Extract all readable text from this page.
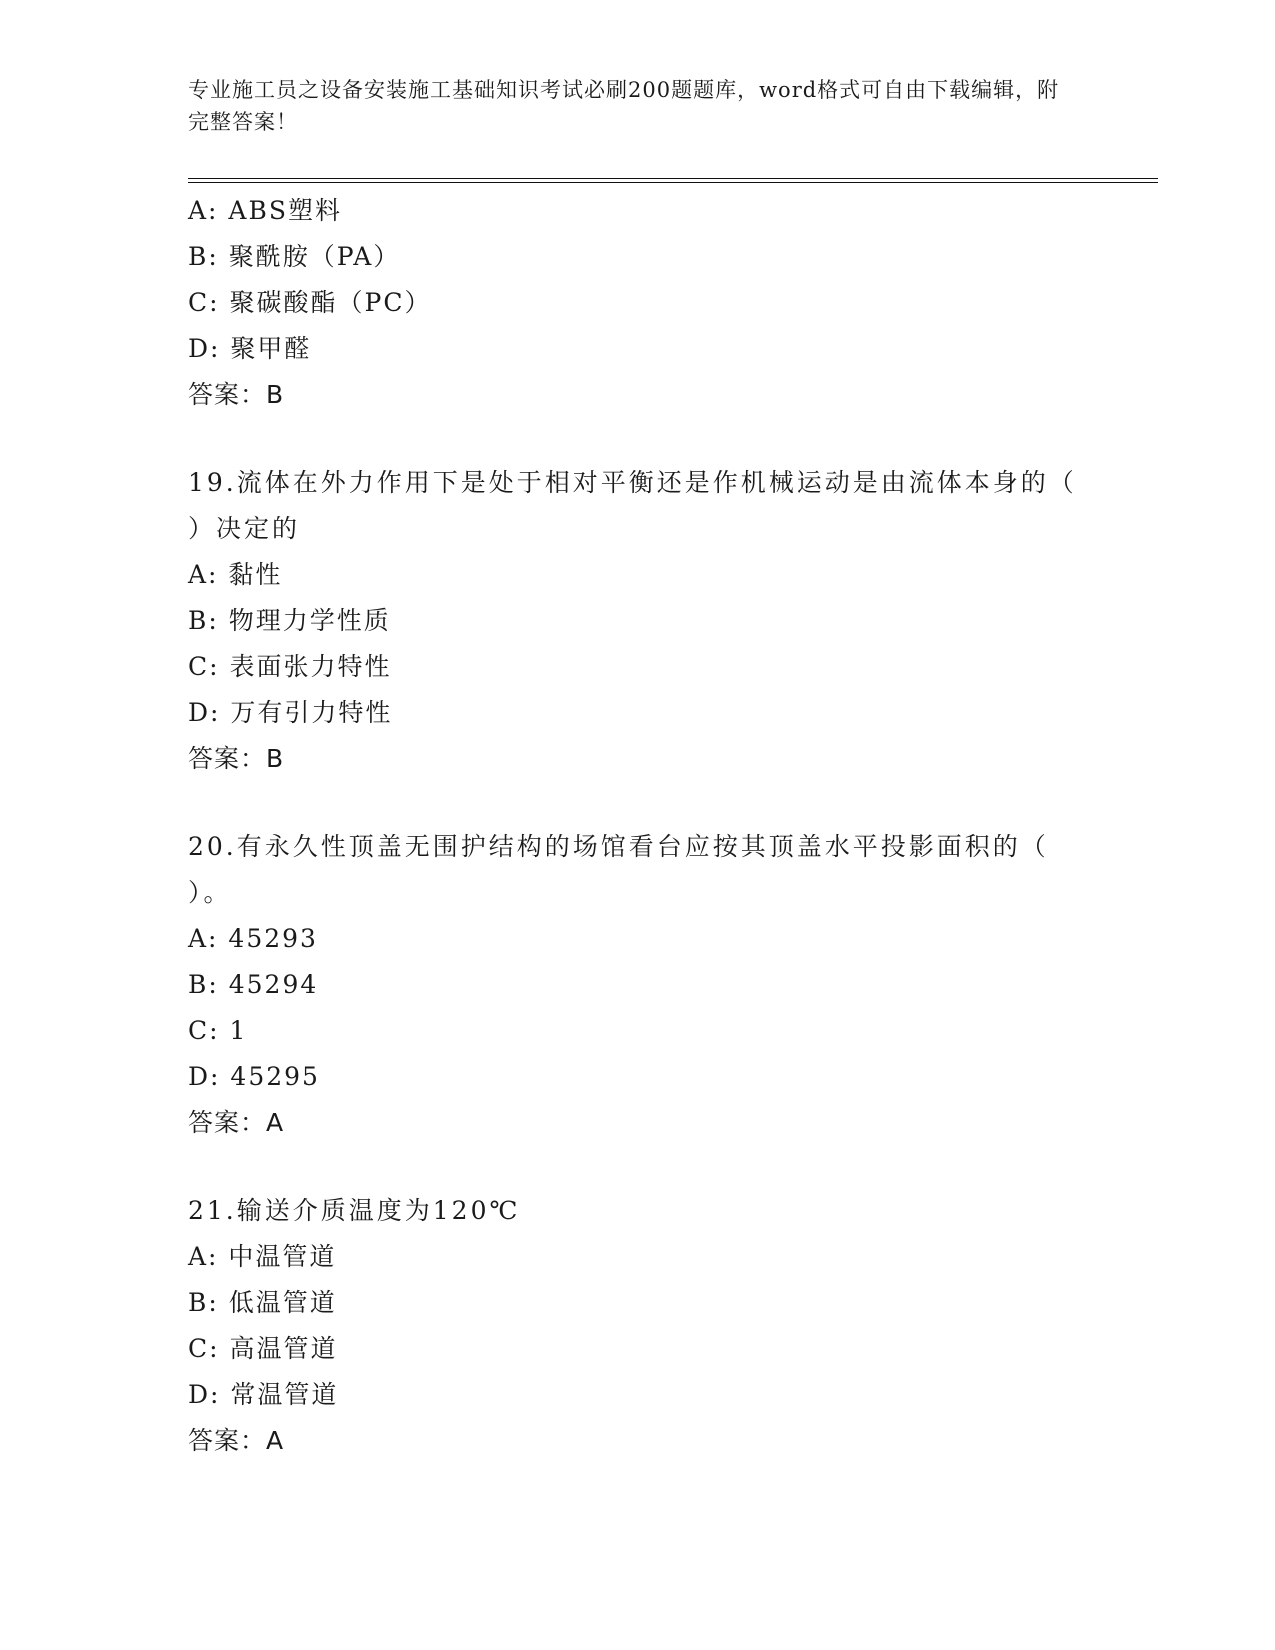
专业施工员之设备安装施工基础知识考试必刷200题题库，word格式可自由下载编辑，附完整答案！
A: ABS塑料
B: 聚酰胺（PA）
C: 聚碳酸酯（PC）
D: 聚甲醛
答案：B
19.流体在外力作用下是处于相对平衡还是作机械运动是由流体本身的（ ）决定的
A: 黏性
B: 物理力学性质
C: 表面张力特性
D: 万有引力特性
答案：B
20.有永久性顶盖无围护结构的场馆看台应按其顶盖水平投影面积的（ ）。
A: 45293
B: 45294
C: 1
D: 45295
答案：A
21.输送介质温度为120℃
A: 中温管道
B: 低温管道
C: 高温管道
D: 常温管道
答案：A
